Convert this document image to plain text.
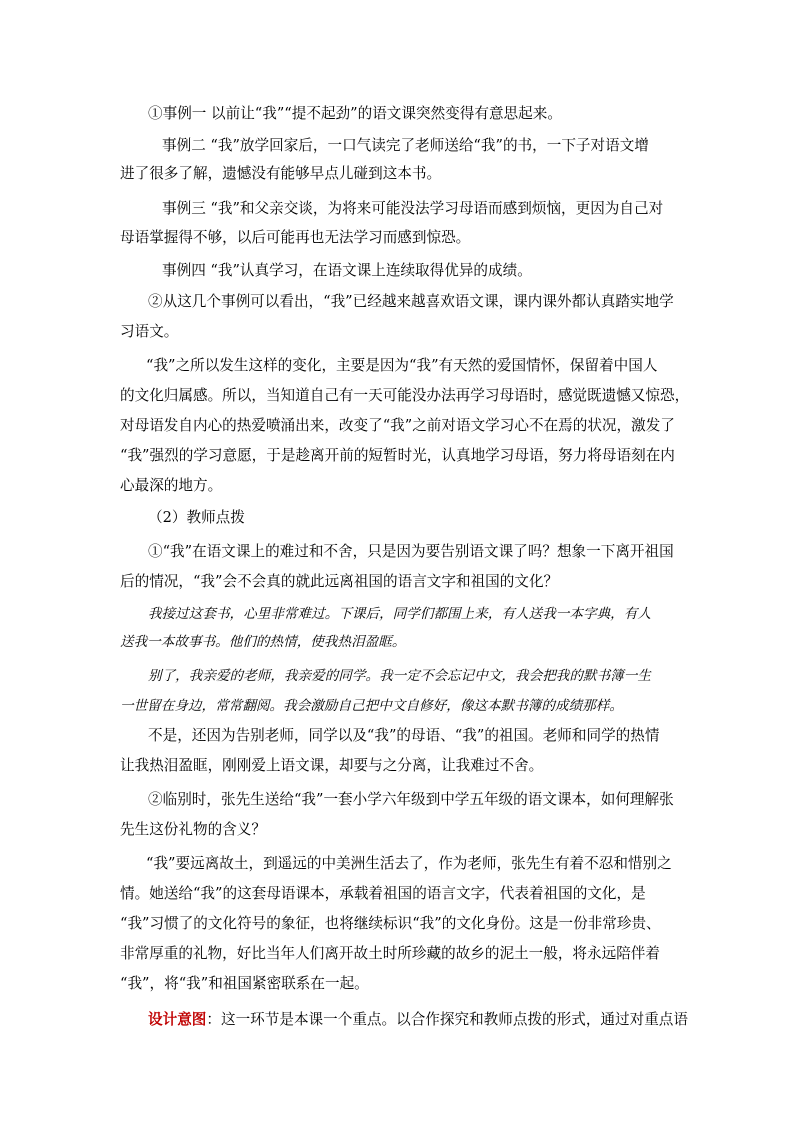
①事例一 以前让“我”“提不起劲”的语文课突然变得有意思起来。
事例二 “我”放学回家后，一口气读完了老师送给“我”的书，一下子对语文增
进了很多了解，遗憾没有能够早点儿碰到这本书。
事例三 “我”和父亲交谈，为将来可能没法学习母语而感到烦恼，更因为自己对
母语掌握得不够，以后可能再也无法学习而感到惊恐。
事例四 “我”认真学习，在语文课上连续取得优异的成绩。
②从这几个事例可以看出，“我”已经越来越喜欢语文课，课内课外都认真踏实地学
习语文。
“我”之所以发生这样的变化，主要是因为“我”有天然的爱国情怀，保留着中国人
的文化归属感。所以，当知道自己有一天可能没办法再学习母语时，感觉既遗憾又惊恐，
对母语发自内心的热爱喷涌出来，改变了“我”之前对语文学习心不在焉的状况，激发了
“我”强烈的学习意愿，于是趁离开前的短暂时光，认真地学习母语，努力将母语刻在内
心最深的地方。
（2）教师点拨
①“我”在语文课上的难过和不舍，只是因为要告别语文课了吗？想象一下离开祖国
后的情况，“我”会不会真的就此远离祖国的语言文字和祖国的文化？
我接过这套书，心里非常难过。下课后，同学们都围上来，有人送我一本字典，有人
送我一本故事书。他们的热情，使我热泪盈眶。
别了，我亲爱的老师，我亲爱的同学。我一定不会忘记中文，我会把我的默书簿一生
一世留在身边，常常翻阅。我会激励自己把中文自修好，像这本默书簿的成绩那样。
不是，还因为告别老师，同学以及“我”的母语、“我”的祖国。老师和同学的热情
让我热泪盈眶，刚刚爱上语文课，却要与之分离，让我难过不舍。
②临别时，张先生送给“我”一套小学六年级到中学五年级的语文课本，如何理解张
先生这份礼物的含义？
“我”要远离故土，到遥远的中美洲生活去了，作为老师，张先生有着不忍和惜别之
情。她送给“我”的这套母语课本，承载着祖国的语言文字，代表着祖国的文化，是
“我”习惯了的文化符号的象征，也将继续标识“我”的文化身份。这是一份非常珍贵、
非常厚重的礼物，好比当年人们离开故土时所珍藏的故乡的泥土一般，将永远陪伴着
“我”，将“我”和祖国紧密联系在一起。
设计意图：这一环节是本课一个重点。以合作探究和教师点拨的形式，通过对重点语
